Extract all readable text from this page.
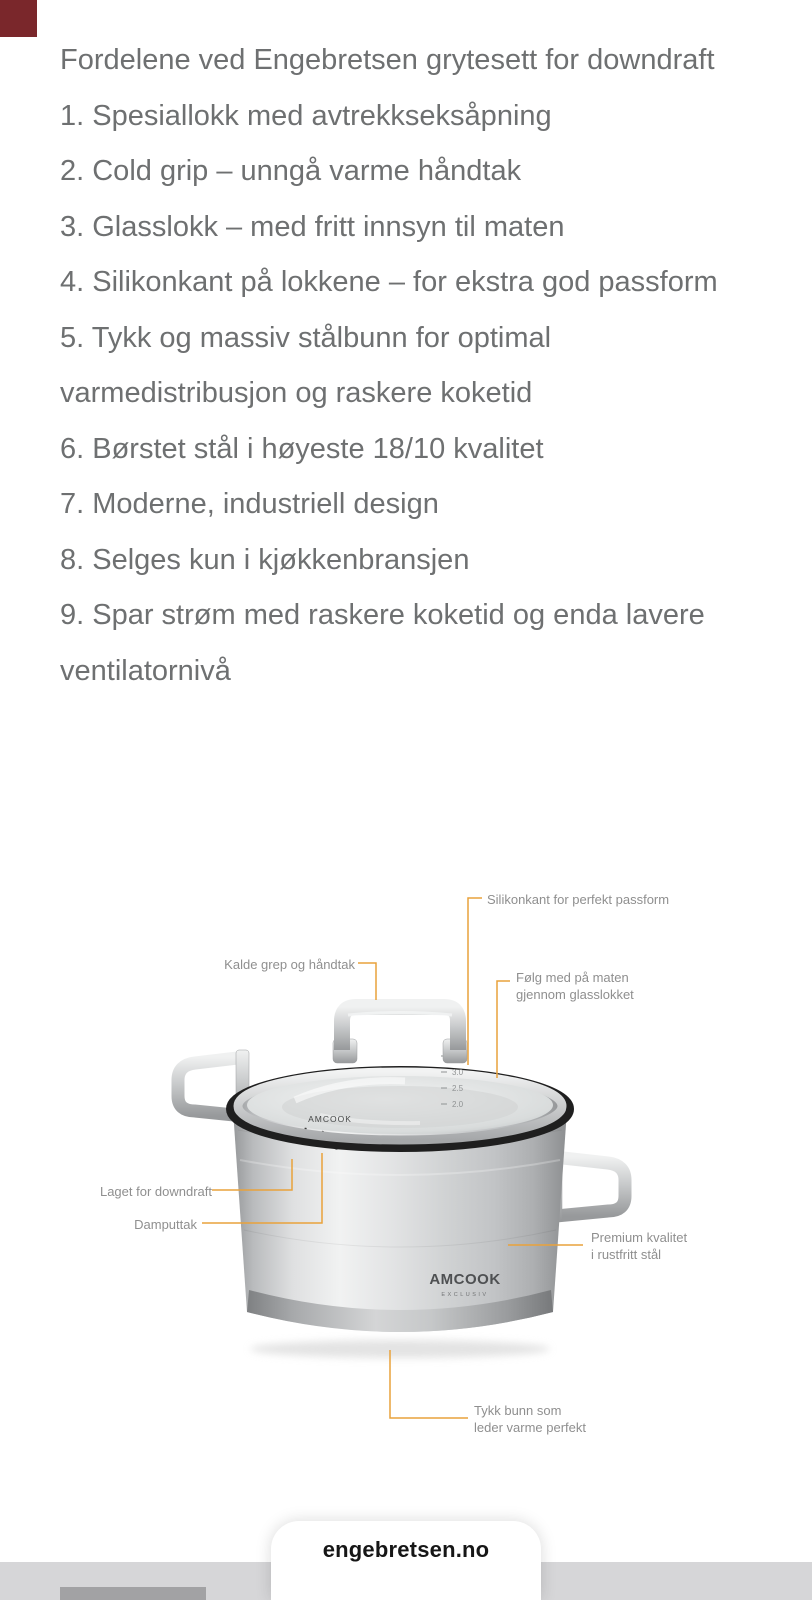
Fordelene ved Engebretsen grytesett for downdraft

1. Spesiallokk med avtrekkseksåpning

2. Cold grip – unngå varme håndtak

3. Glasslokk – med fritt innsyn til maten

4. Silikonkant på lokkene – for ekstra god passform

5. Tykk og massiv stålbunn for optimal varmedistribusjon og raskere koketid

6. Børstet stål i høyeste 18/10 kvalitet

7. Moderne, industriell design

8. Selges kun i kjøkkenbransjen

9. Spar strøm med raskere koketid og enda lavere ventilatornivå

3.0
2.5
2.0
AMCOOK
AMCOOK
EXCLUSIV
Silikonkant for perfekt passform
Kalde grep og håndtak
Følg med på maten
gjennom glasslokket
Laget for downdraft
Damputtak
Premium kvalitet
i rustfritt stål
Tykk bunn som
leder varme perfekt
engebretsen.no
